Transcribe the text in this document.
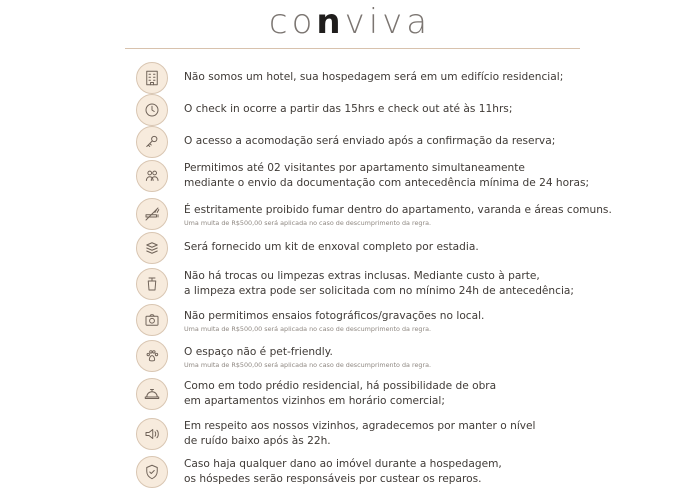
conviva
Não somos um hotel, sua hospedagem será em um edifício residencial;
O check in ocorre a partir das 15hrs e check out até às 11hrs;
O acesso a acomodação será enviado após a confirmação da reserva;
Permitimos até 02 visitantes por apartamento simultaneamente
mediante o envio da documentação com antecedência mínima de 24 horas;
É estritamente proibido fumar dentro do apartamento, varanda e áreas comuns.
Uma multa de R$500,00 será aplicada no caso de descumprimento da regra.
Será fornecido um kit de enxoval completo por estadia.
Não há trocas ou limpezas extras inclusas. Mediante custo à parte,
a limpeza extra pode ser solicitada com no mínimo 24h de antecedência;
Não permitimos ensaios fotográficos/gravações no local.
Uma multa de R$500,00 será aplicada no caso de descumprimento da regra.
O espaço não é pet-friendly.
Uma multa de R$500,00 será aplicada no caso de descumprimento da regra.
Como em todo prédio residencial, há possibilidade de obra
em apartamentos vizinhos em horário comercial;
Em respeito aos nossos vizinhos, agradecemos por manter o nível
de ruído baixo após às 22h.
Caso haja qualquer dano ao imóvel durante a hospedagem,
os hóspedes serão responsáveis por custear os reparos.
